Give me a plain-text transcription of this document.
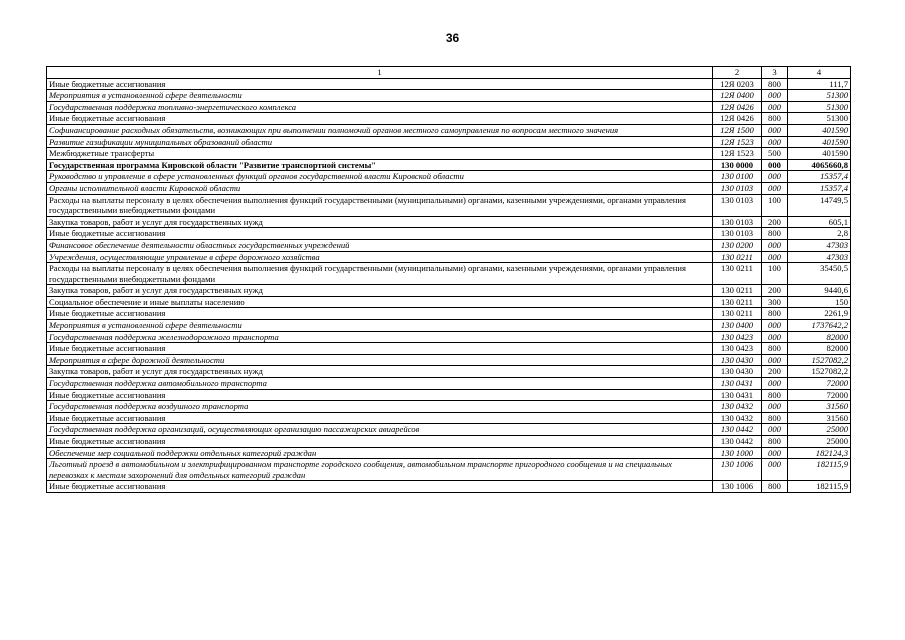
36
1	2	3	4
Иные бюджетные ассигнования	12Я 0203	800	111,7
Мероприятия в установленной сфере деятельности	12Я 0400	000	51300
Государственная поддержка топливно-энергетического комплекса	12Я 0426	000	51300
Иные бюджетные ассигнования	12Я 0426	800	51300
Софинансирование расходных обязательств, возникающих при выполнении полномочий органов местного самоуправления по вопросам местного значения	12Я 1500	000	401590
Развитие газификации муниципальных образований области	12Я 1523	000	401590
Межбюджетные трансферты	12Я 1523	500	401590
Государственная программа Кировской области "Развитие транспортной системы"	130 0000	000	4065660,8
Руководство и управление в сфере установленных функций органов государственной власти Кировской области	130 0100	000	15357,4
Органы исполнительной власти Кировской области	130 0103	000	15357,4
Расходы на выплаты персоналу в целях обеспечения выполнения функций государственными (муниципальными) органами, казенными учреждениями, органами управления государственными внебюджетными фондами	130 0103	100	14749,5
Закупка товаров, работ и услуг для государственных нужд	130 0103	200	605,1
Иные бюджетные ассигнования	130 0103	800	2,8
Финансовое обеспечение деятельности областных государственных учреждений	130 0200	000	47303
Учреждения, осуществляющие управление в сфере дорожного хозяйства	130 0211	000	47303
Расходы на выплаты персоналу в целях обеспечения выполнения функций государственными (муниципальными) органами, казенными учреждениями, органами управления государственными внебюджетными фондами	130 0211	100	35450,5
Закупка товаров, работ и услуг для государственных нужд	130 0211	200	9440,6
Социальное обеспечение и иные выплаты населению	130 0211	300	150
Иные бюджетные ассигнования	130 0211	800	2261,9
Мероприятия в установленной сфере деятельности	130 0400	000	1737642,2
Государственная поддержка железнодорожного транспорта	130 0423	000	82000
Иные бюджетные ассигнования	130 0423	800	82000
Мероприятия в сфере дорожной деятельности	130 0430	000	1527082,2
Закупка товаров, работ и услуг для государственных нужд	130 0430	200	1527082,2
Государственная поддержка автомобильного транспорта	130 0431	000	72000
Иные бюджетные ассигнования	130 0431	800	72000
Государственная поддержка воздушного транспорта	130 0432	000	31560
Иные бюджетные ассигнования	130 0432	800	31560
Государственная поддержка организаций, осуществляющих организацию пассажирских авиарейсов	130 0442	000	25000
Иные бюджетные ассигнования	130 0442	800	25000
Обеспечение мер социальной поддержки отдельных категорий граждан	130 1000	000	182124,3
Льготный проезд в автомобильном и электрифицированном транспорте городского сообщения, автомобильном транспорте пригородного сообщения и на специальных перевозках к местам захоронений для отдельных категорий граждан	130 1006	000	182115,9
Иные бюджетные ассигнования	130 1006	800	182115,9
